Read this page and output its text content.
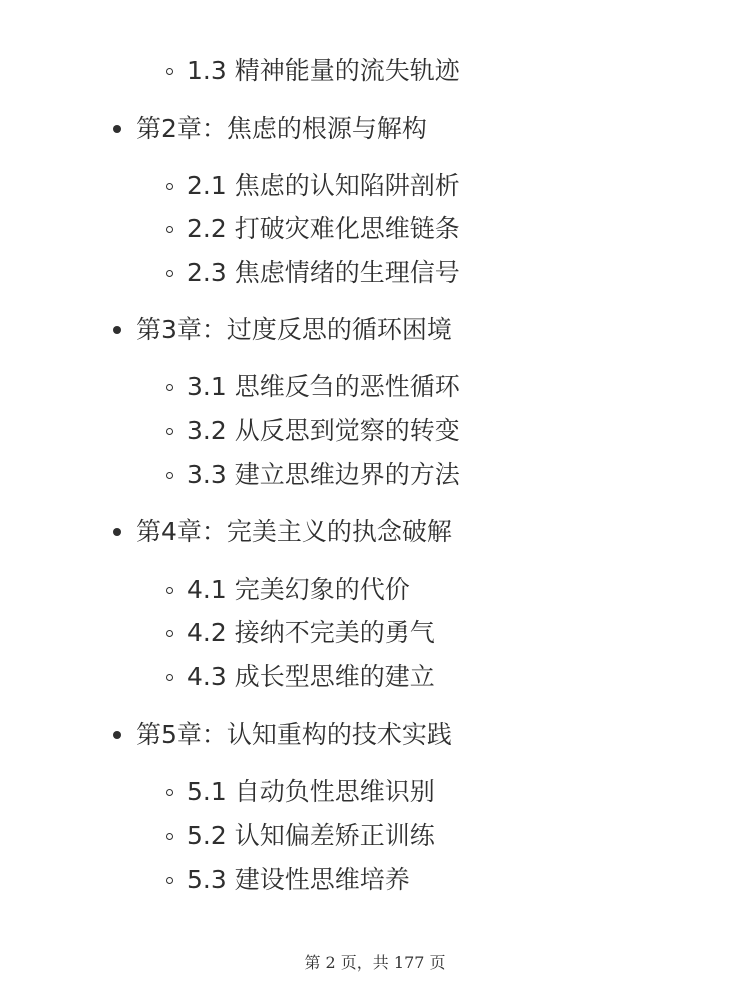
1.3 精神能量的流失轨迹
第2章：焦虑的根源与解构
2.1 焦虑的认知陷阱剖析
2.2 打破灾难化思维链条
2.3 焦虑情绪的生理信号
第3章：过度反思的循环困境
3.1 思维反刍的恶性循环
3.2 从反思到觉察的转变
3.3 建立思维边界的方法
第4章：完美主义的执念破解
4.1 完美幻象的代价
4.2 接纳不完美的勇气
4.3 成长型思维的建立
第5章：认知重构的技术实践
5.1 自动负性思维识别
5.2 认知偏差矫正训练
5.3 建设性思维培养
第 2 页，共 177 页
